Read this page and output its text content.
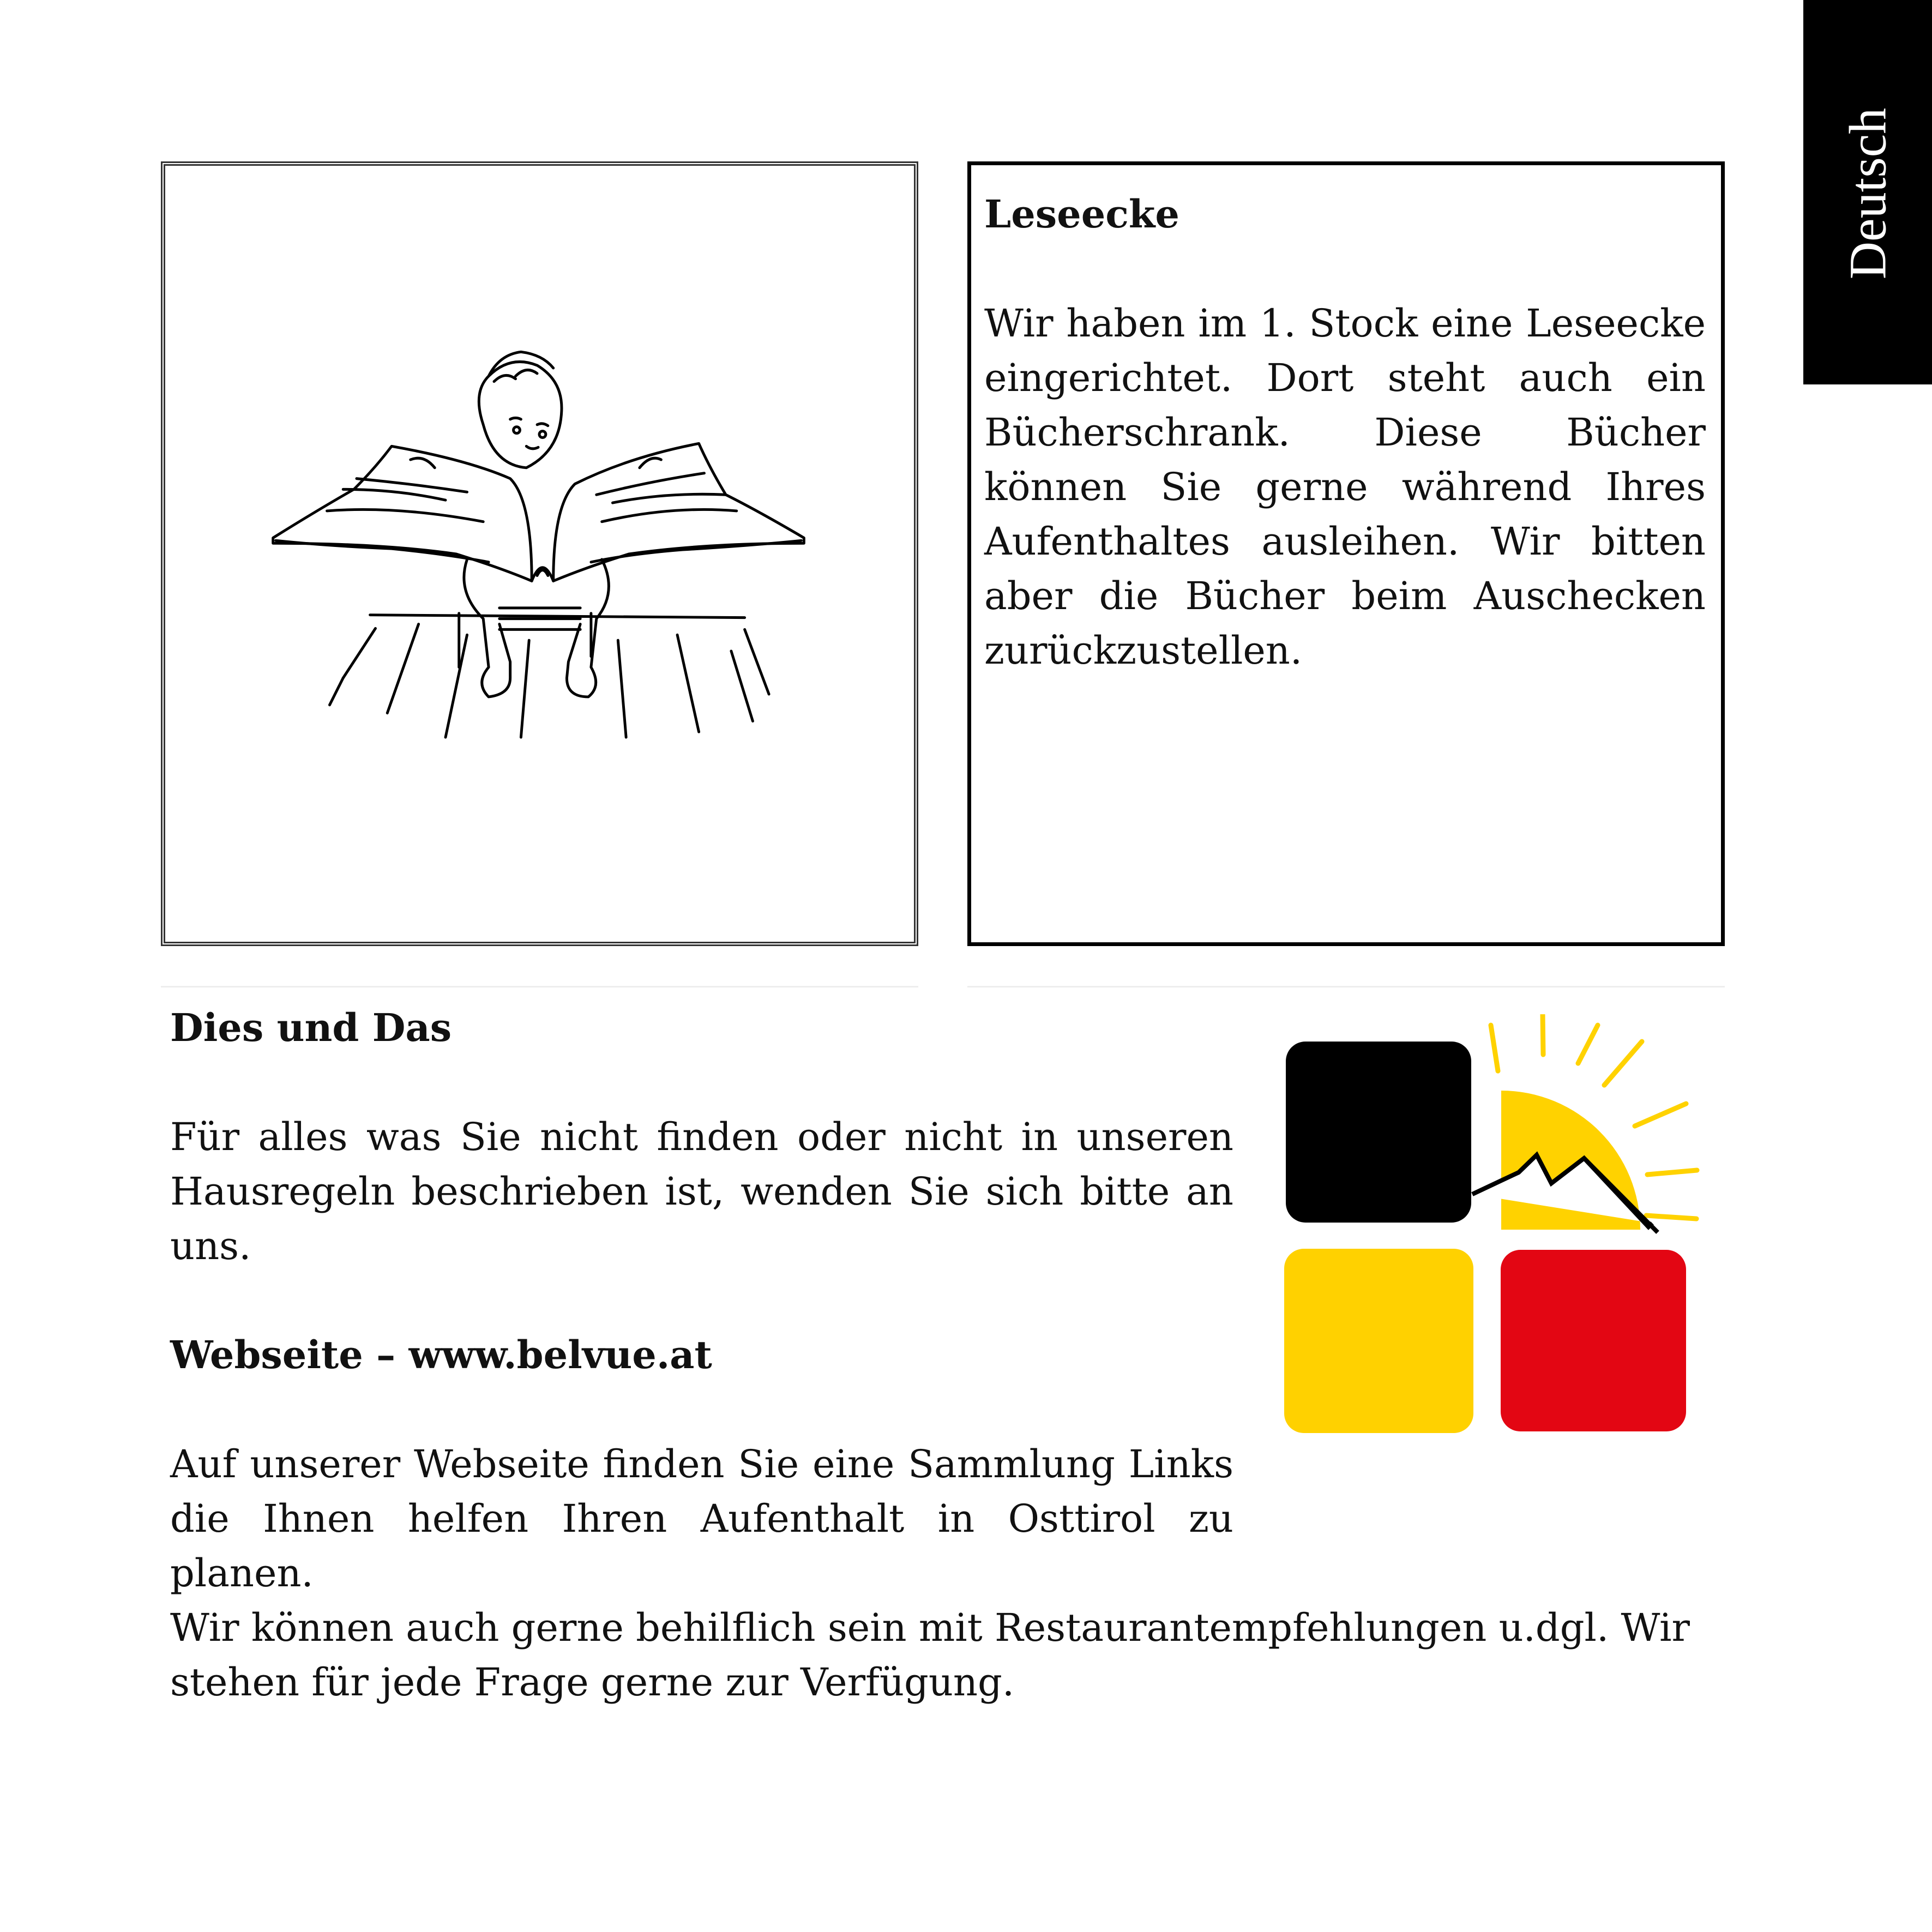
Deutsch
Leseecke

Wir haben im 1. Stock eine Leseecke eingerichtet. Dort steht auch ein Bücherschrank. Diese Bücher können Sie gerne während Ihres Aufenthaltes ausleihen. Wir bitten aber die Bücher beim Auschecken zurückzustellen.

Dies und Das

Für alles was Sie nicht finden oder nicht in unseren Hausregeln beschrieben ist, wenden Sie sich bitte an uns.

Webseite – www.belvue.at

Auf unserer Webseite finden Sie eine Sammlung Links die Ihnen helfen Ihren Aufenthalt in Osttirol zu planen.

Wir können auch gerne behilflich sein mit Restaurantempfehlungen u.dgl. Wir stehen für jede Frage gerne zur Verfügung.
